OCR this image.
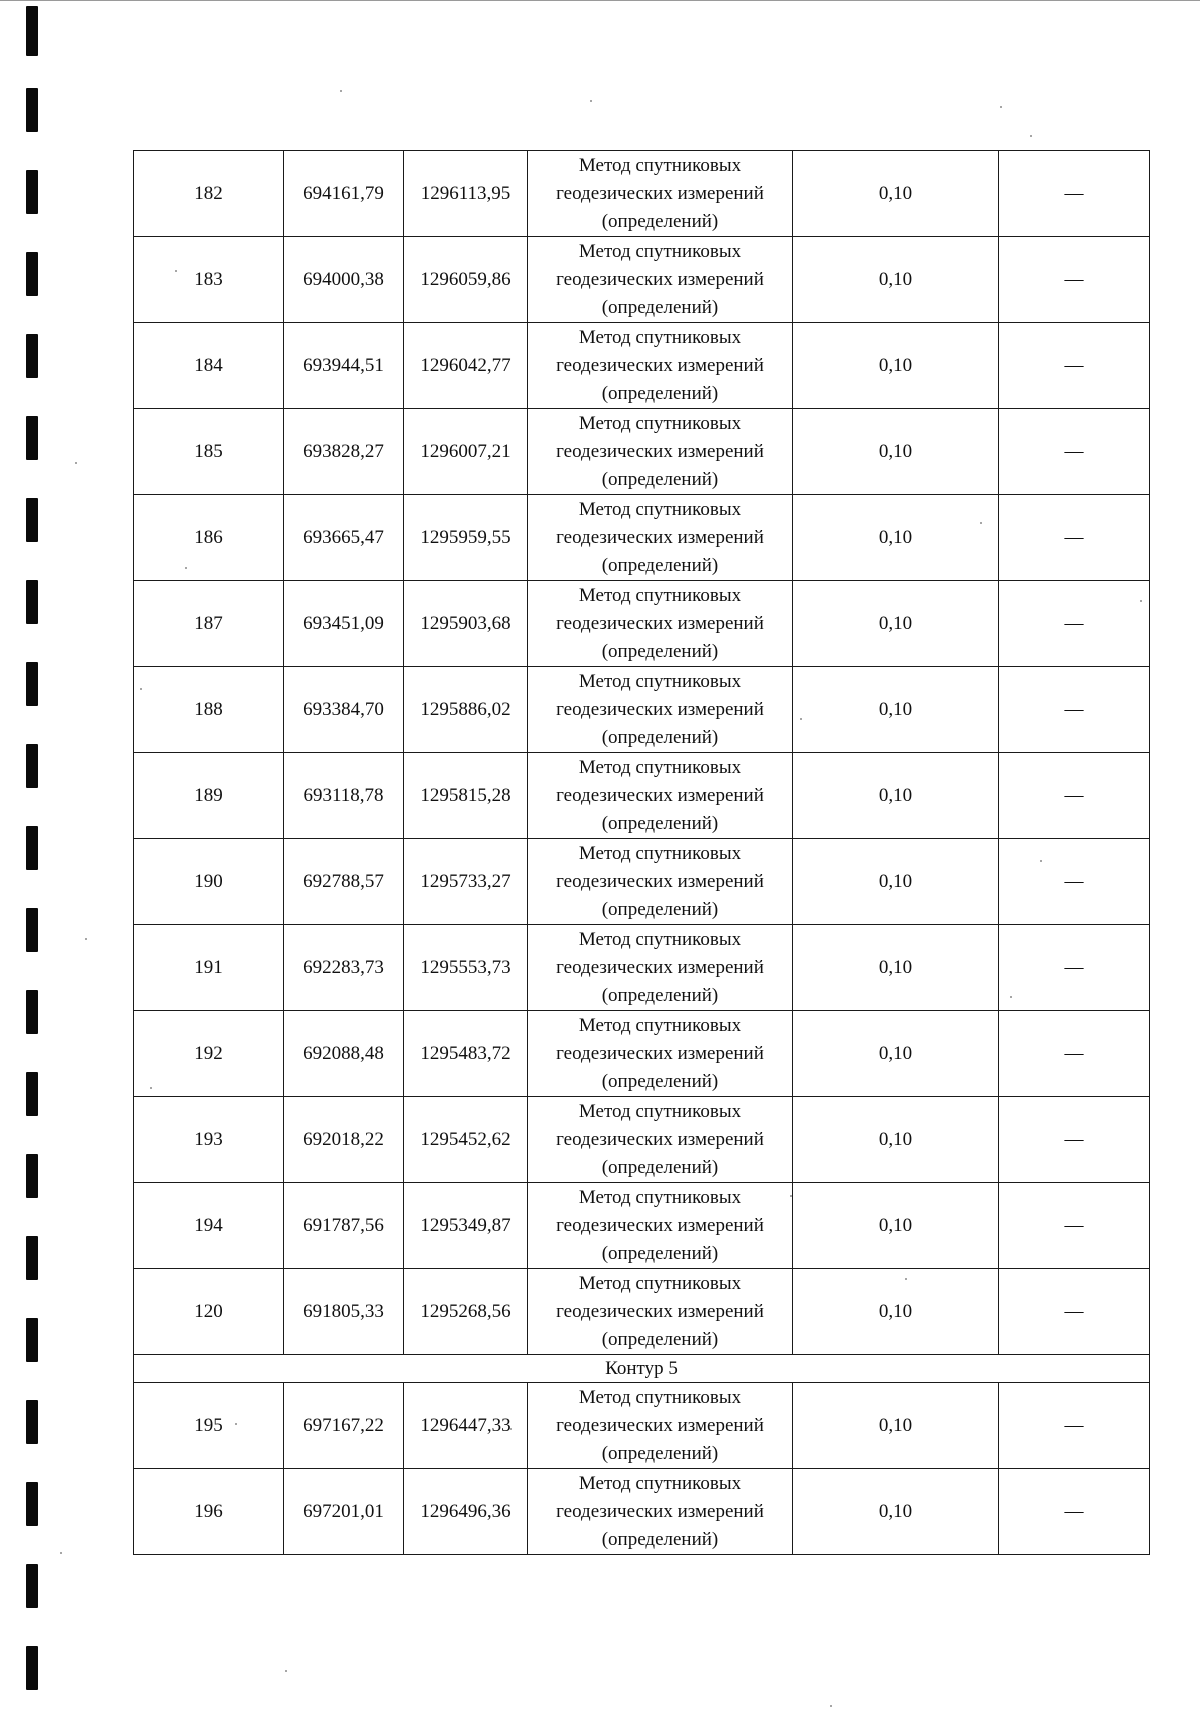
182	694161,79	1296113,95	Метод спутниковых
геодезических измерений
(определений)	0,10	—
183	694000,38	1296059,86	Метод спутниковых
геодезических измерений
(определений)	0,10	—
184	693944,51	1296042,77	Метод спутниковых
геодезических измерений
(определений)	0,10	—
185	693828,27	1296007,21	Метод спутниковых
геодезических измерений
(определений)	0,10	—
186	693665,47	1295959,55	Метод спутниковых
геодезических измерений
(определений)	0,10	—
187	693451,09	1295903,68	Метод спутниковых
геодезических измерений
(определений)	0,10	—
188	693384,70	1295886,02	Метод спутниковых
геодезических измерений
(определений)	0,10	—
189	693118,78	1295815,28	Метод спутниковых
геодезических измерений
(определений)	0,10	—
190	692788,57	1295733,27	Метод спутниковых
геодезических измерений
(определений)	0,10	—
191	692283,73	1295553,73	Метод спутниковых
геодезических измерений
(определений)	0,10	—
192	692088,48	1295483,72	Метод спутниковых
геодезических измерений
(определений)	0,10	—
193	692018,22	1295452,62	Метод спутниковых
геодезических измерений
(определений)	0,10	—
194	691787,56	1295349,87	Метод спутниковых
геодезических измерений
(определений)	0,10	—
120	691805,33	1295268,56	Метод спутниковых
геодезических измерений
(определений)	0,10	—
Контур 5					
195	697167,22	1296447,33	Метод спутниковых
геодезических измерений
(определений)	0,10	—
196	697201,01	1296496,36	Метод спутниковых
геодезических измерений
(определений)	0,10	—
